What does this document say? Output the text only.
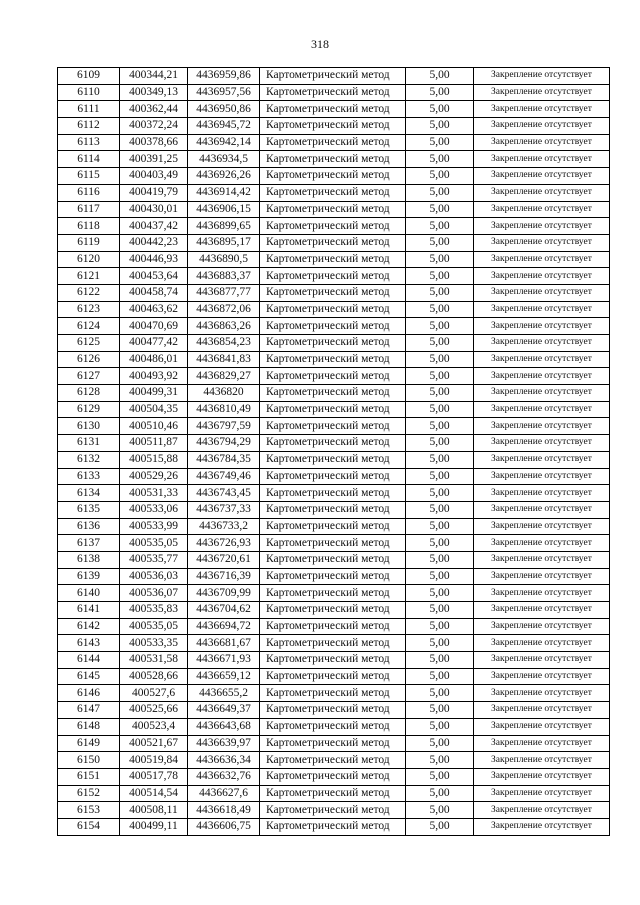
318
6109	400344,21	4436959,86	Картометрический метод	5,00	Закрепление отсутствует
6110	400349,13	4436957,56	Картометрический метод	5,00	Закрепление отсутствует
6111	400362,44	4436950,86	Картометрический метод	5,00	Закрепление отсутствует
6112	400372,24	4436945,72	Картометрический метод	5,00	Закрепление отсутствует
6113	400378,66	4436942,14	Картометрический метод	5,00	Закрепление отсутствует
6114	400391,25	4436934,5	Картометрический метод	5,00	Закрепление отсутствует
6115	400403,49	4436926,26	Картометрический метод	5,00	Закрепление отсутствует
6116	400419,79	4436914,42	Картометрический метод	5,00	Закрепление отсутствует
6117	400430,01	4436906,15	Картометрический метод	5,00	Закрепление отсутствует
6118	400437,42	4436899,65	Картометрический метод	5,00	Закрепление отсутствует
6119	400442,23	4436895,17	Картометрический метод	5,00	Закрепление отсутствует
6120	400446,93	4436890,5	Картометрический метод	5,00	Закрепление отсутствует
6121	400453,64	4436883,37	Картометрический метод	5,00	Закрепление отсутствует
6122	400458,74	4436877,77	Картометрический метод	5,00	Закрепление отсутствует
6123	400463,62	4436872,06	Картометрический метод	5,00	Закрепление отсутствует
6124	400470,69	4436863,26	Картометрический метод	5,00	Закрепление отсутствует
6125	400477,42	4436854,23	Картометрический метод	5,00	Закрепление отсутствует
6126	400486,01	4436841,83	Картометрический метод	5,00	Закрепление отсутствует
6127	400493,92	4436829,27	Картометрический метод	5,00	Закрепление отсутствует
6128	400499,31	4436820	Картометрический метод	5,00	Закрепление отсутствует
6129	400504,35	4436810,49	Картометрический метод	5,00	Закрепление отсутствует
6130	400510,46	4436797,59	Картометрический метод	5,00	Закрепление отсутствует
6131	400511,87	4436794,29	Картометрический метод	5,00	Закрепление отсутствует
6132	400515,88	4436784,35	Картометрический метод	5,00	Закрепление отсутствует
6133	400529,26	4436749,46	Картометрический метод	5,00	Закрепление отсутствует
6134	400531,33	4436743,45	Картометрический метод	5,00	Закрепление отсутствует
6135	400533,06	4436737,33	Картометрический метод	5,00	Закрепление отсутствует
6136	400533,99	4436733,2	Картометрический метод	5,00	Закрепление отсутствует
6137	400535,05	4436726,93	Картометрический метод	5,00	Закрепление отсутствует
6138	400535,77	4436720,61	Картометрический метод	5,00	Закрепление отсутствует
6139	400536,03	4436716,39	Картометрический метод	5,00	Закрепление отсутствует
6140	400536,07	4436709,99	Картометрический метод	5,00	Закрепление отсутствует
6141	400535,83	4436704,62	Картометрический метод	5,00	Закрепление отсутствует
6142	400535,05	4436694,72	Картометрический метод	5,00	Закрепление отсутствует
6143	400533,35	4436681,67	Картометрический метод	5,00	Закрепление отсутствует
6144	400531,58	4436671,93	Картометрический метод	5,00	Закрепление отсутствует
6145	400528,66	4436659,12	Картометрический метод	5,00	Закрепление отсутствует
6146	400527,6	4436655,2	Картометрический метод	5,00	Закрепление отсутствует
6147	400525,66	4436649,37	Картометрический метод	5,00	Закрепление отсутствует
6148	400523,4	4436643,68	Картометрический метод	5,00	Закрепление отсутствует
6149	400521,67	4436639,97	Картометрический метод	5,00	Закрепление отсутствует
6150	400519,84	4436636,34	Картометрический метод	5,00	Закрепление отсутствует
6151	400517,78	4436632,76	Картометрический метод	5,00	Закрепление отсутствует
6152	400514,54	4436627,6	Картометрический метод	5,00	Закрепление отсутствует
6153	400508,11	4436618,49	Картометрический метод	5,00	Закрепление отсутствует
6154	400499,11	4436606,75	Картометрический метод	5,00	Закрепление отсутствует
